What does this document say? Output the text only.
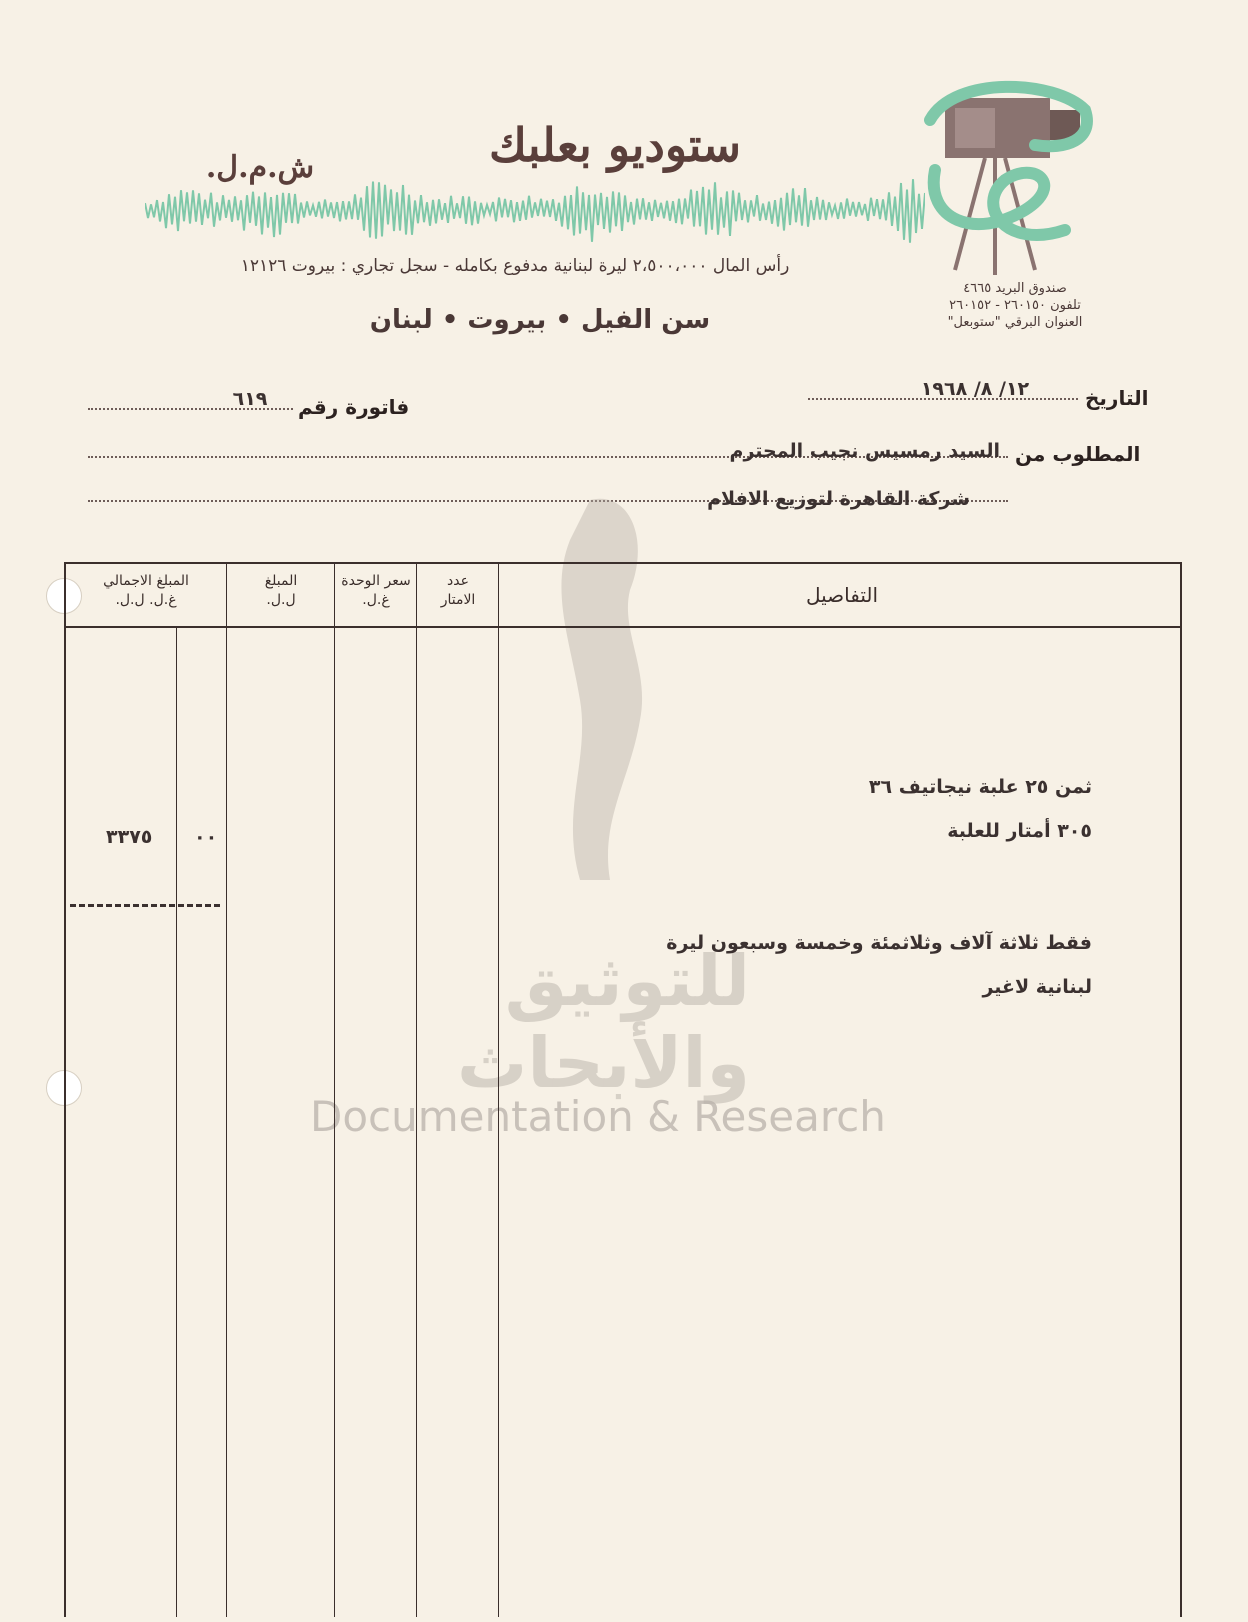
ستوديو بعلبك
ش.م.ل.
رأس المال ٢،٥٠٠،٠٠٠ ليرة لبنانية مدفوع بكامله - سجل تجاري : بيروت ١٢١٢٦
سن الفيل • بيروت • لبنان
صندوق البريد ٤٦٦٥
تلفون ٢٦٠١٥٠ - ٢٦٠١٥٢
العنوان البرقي "ستوبعل"
التاريخ
١٢/ ٨/ ١٩٦٨
فاتورة رقم
٦١٩
المطلوب من
السيد رمسيس نجيب المحترم
شركة القاهرة لتوزيع الافلام
للتوثيق والأبحاث
Documentation & Research
التفاصيل
عدد
الامتار
سعر الوحدة
غ.ل.
المبلغ
ل.ل.
المبلغ الاجمالي
غ.ل. ل.ل.
ثمن ٢٥ علبة نيجاتيف ٣٦
٣٠٥ أمتار للعلبة
فقط ثلاثة آلاف وثلاثمئة وخمسة وسبعون ليرة
لبنانية لاغير
٣٣٧٥ ٠٠
